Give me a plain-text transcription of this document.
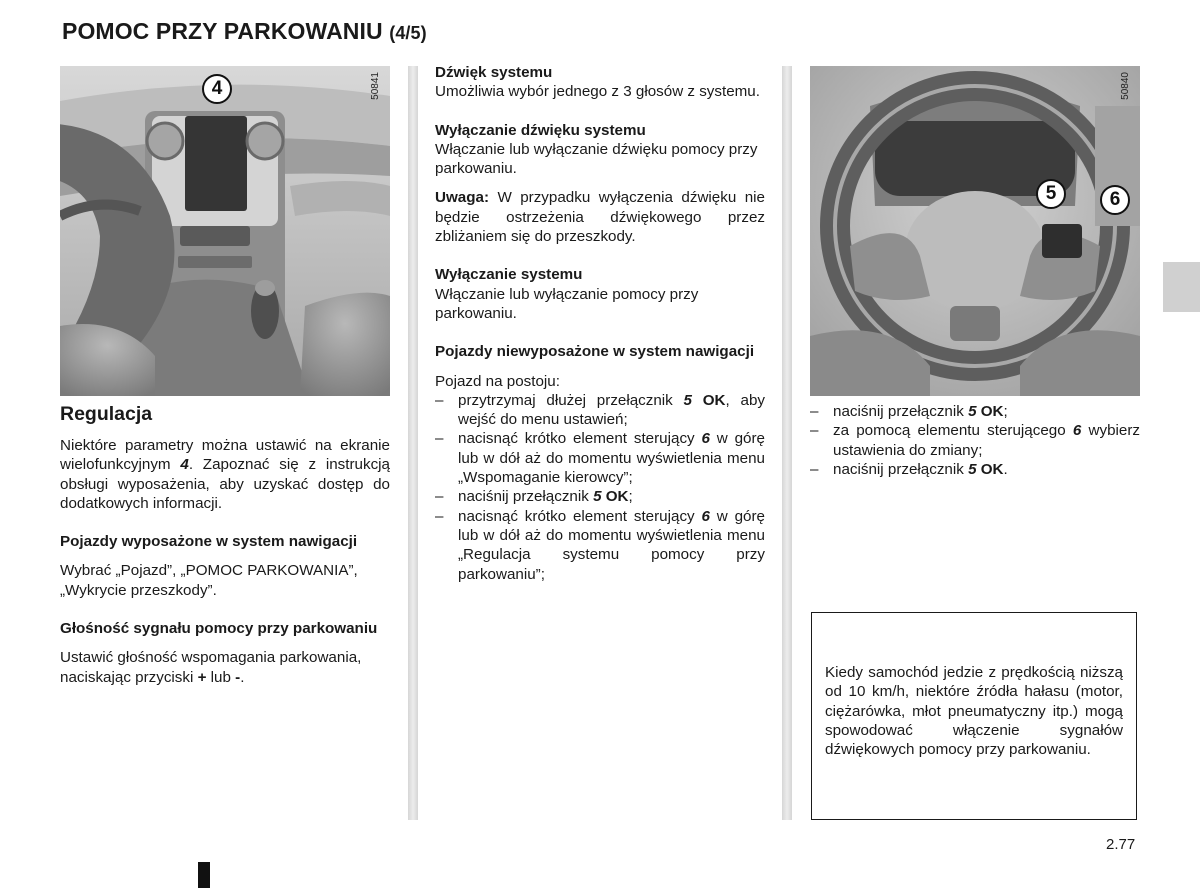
POMOC PRZY PARKOWANIU (4/5)
4	50841
5	6
50840

Regulacja

Niektóre parametry można ustawić na ekranie wielofunkcyjnym 4. Zapoznać się z instrukcją obsługi wyposażenia, aby uzyskać dostęp do dodatkowych informacji.

Pojazdy wyposażone w system nawigacji

Wybrać „Pojazd”, „POMOC PARKOWANIA”, „Wykrycie przeszkody”.

Głośność sygnału pomocy przy parkowaniu

Ustawić głośność wspomagania parkowania, naciskając przyciski + lub -.

Dźwięk systemu

Umożliwia wybór jednego z 3 głosów z systemu.

Wyłączanie dźwięku systemu

Włączanie lub wyłączanie dźwięku pomocy przy parkowaniu.

Uwaga: W przypadku wyłączenia dźwięku nie będzie ostrzeżenia dźwiękowego przez zbliżaniem się do przeszkody.

Wyłączanie systemu

Włączanie lub wyłączanie pomocy przy parkowaniu.

Pojazdy niewyposażone w system nawigacji

Pojazd na postoju:

– przytrzymaj dłużej przełącznik 5 OK, aby wejść do menu ustawień;
– nacisnąć krótko element sterujący 6 w górę lub w dół aż do momentu wyświetlenia menu „Wspomaganie kierowcy”;
– naciśnij przełącznik 5 OK;
– nacisnąć krótko element sterujący 6 w górę lub w dół aż do momentu wyświetlenia menu „Regulacja systemu pomocy przy parkowaniu”;
– naciśnij przełącznik 5 OK;
– za pomocą elementu sterującego 6 wybierz ustawienia do zmiany;
– naciśnij przełącznik 5 OK.

Kiedy samochód jedzie z prędkością niższą od 10 km/h, niektóre źródła hałasu (motor, ciężarówka, młot pneumatyczny itp.) mogą spowodować włączenie sygnałów dźwiękowych pomocy przy parkowaniu.

2.77
